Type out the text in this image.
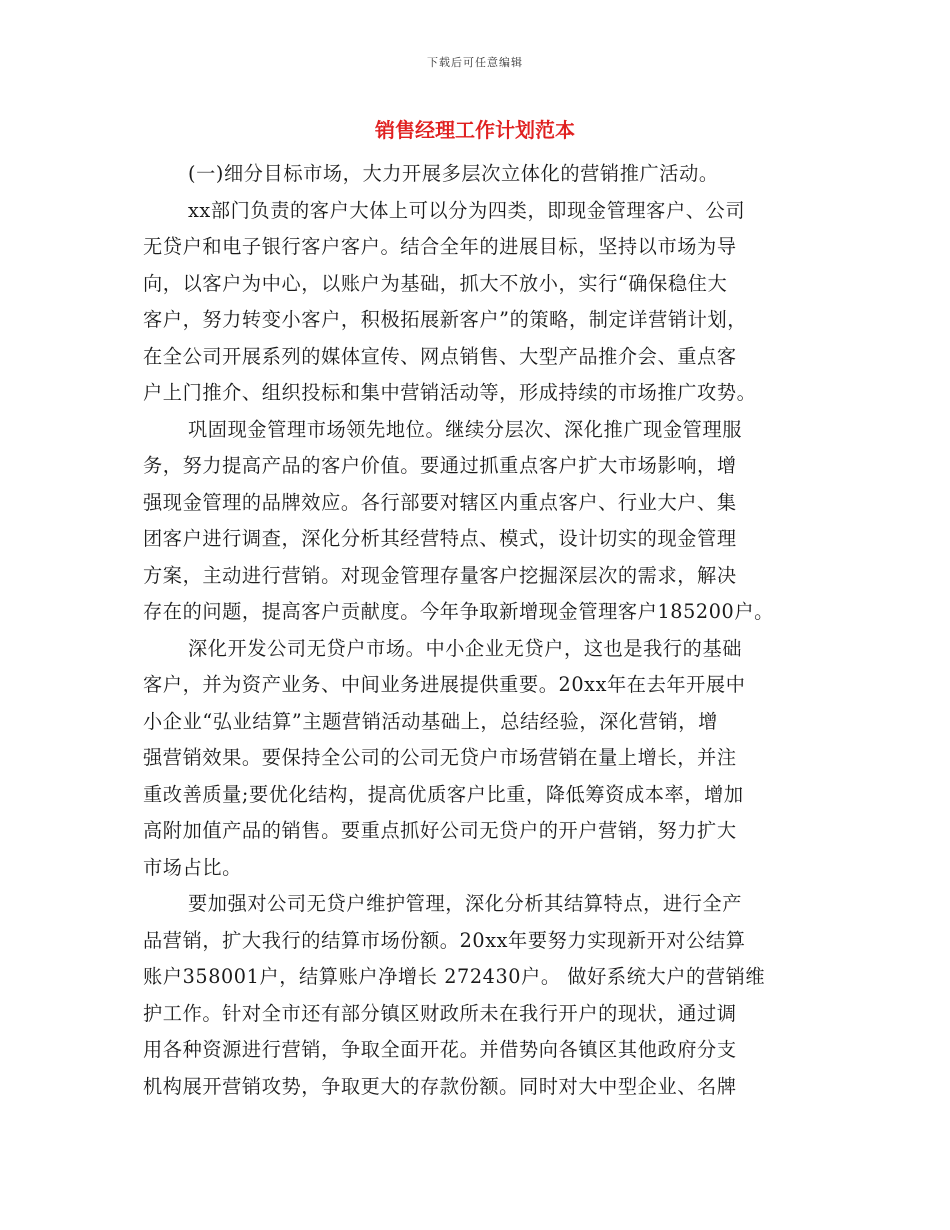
下载后可任意编辑
销售经理工作计划范本
(一)细分目标市场，大力开展多层次立体化的营销推广活动。
xx部门负责的客户大体上可以分为四类，即现金管理客户、公司
无贷户和电子银行客户客户。结合全年的进展目标，坚持以市场为导
向，以客户为中心，以账户为基础，抓大不放小，实行“确保稳住大
客户，努力转变小客户，积极拓展新客户”的策略，制定详营销计划，
在全公司开展系列的媒体宣传、网点销售、大型产品推介会、重点客
户上门推介、组织投标和集中营销活动等，形成持续的市场推广攻势。
巩固现金管理市场领先地位。继续分层次、深化推广现金管理服
务，努力提高产品的客户价值。要通过抓重点客户扩大市场影响，增
强现金管理的品牌效应。各行部要对辖区内重点客户、行业大户、集
团客户进行调查，深化分析其经营特点、模式，设计切实的现金管理
方案，主动进行营销。对现金管理存量客户挖掘深层次的需求，解决
存在的问题，提高客户贡献度。今年争取新增现金管理客户185200户。
深化开发公司无贷户市场。中小企业无贷户，这也是我行的基础
客户，并为资产业务、中间业务进展提供重要。20xx年在去年开展中
小企业“弘业结算”主题营销活动基础上，总结经验，深化营销，增
强营销效果。要保持全公司的公司无贷户市场营销在量上增长，并注
重改善质量;要优化结构，提高优质客户比重，降低筹资成本率，增加
高附加值产品的销售。要重点抓好公司无贷户的开户营销，努力扩大
市场占比。
要加强对公司无贷户维护管理，深化分析其结算特点，进行全产
品营销，扩大我行的结算市场份额。20xx年要努力实现新开对公结算
账户358001户，结算账户净增长 272430户。 做好系统大户的营销维
护工作。针对全市还有部分镇区财政所未在我行开户的现状，通过调
用各种资源进行营销，争取全面开花。并借势向各镇区其他政府分支
机构展开营销攻势，争取更大的存款份额。同时对大中型企业、名牌
